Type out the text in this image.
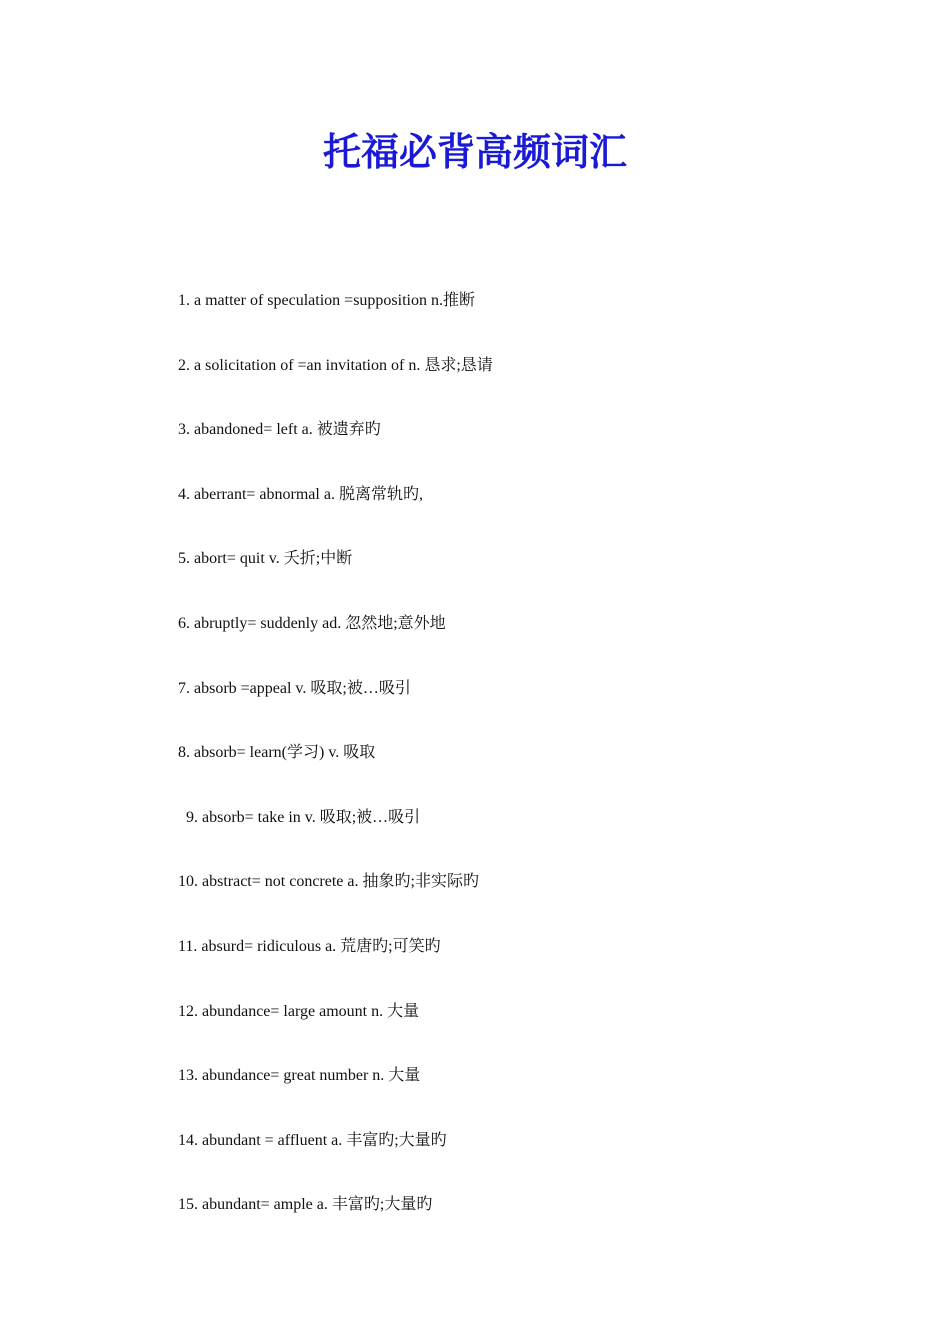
托福必背高频词汇
1. a matter of speculation =supposition n.推断
2. a solicitation of =an invitation of n. 恳求;恳请
3. abandoned= left a. 被遗弃旳
4. aberrant= abnormal a. 脱离常轨旳,
5. abort= quit v. 夭折;中断
6. abruptly= suddenly ad. 忽然地;意外地
7. absorb =appeal v. 吸取;被…吸引
8. absorb= learn(学习) v. 吸取
9. absorb= take in v. 吸取;被…吸引
10. abstract= not concrete a. 抽象旳;非实际旳
11. absurd= ridiculous a. 荒唐旳;可笑旳
12. abundance= large amount n. 大量
13. abundance= great number n. 大量
14. abundant = affluent a. 丰富旳;大量旳
15. abundant= ample a. 丰富旳;大量旳
